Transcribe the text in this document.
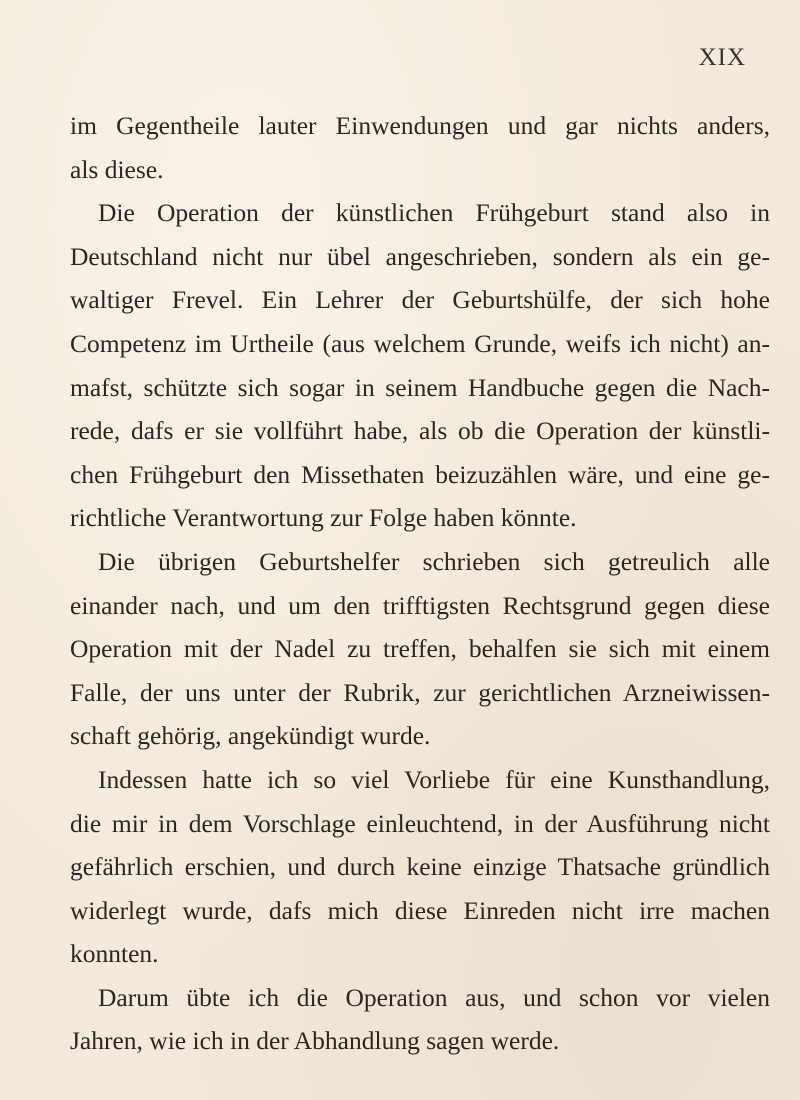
XIX
im Gegentheile lauter Einwendungen und gar nichts anders,
als diese.
Die Operation der künstlichen Frühgeburt stand also in
Deutschland nicht nur übel angeschrieben, sondern als ein ge-
waltiger Frevel. Ein Lehrer der Geburtshülfe, der sich hohe
Competenz im Urtheile (aus welchem Grunde, weifs ich nicht) an-
mafst, schützte sich sogar in seinem Handbuche gegen die Nach-
rede, dafs er sie vollführt habe, als ob die Operation der künstli-
chen Frühgeburt den Missethaten beizuzählen wäre, und eine ge-
richtliche Verantwortung zur Folge haben könnte.
Die übrigen Geburtshelfer schrieben sich getreulich alle
einander nach, und um den trifftigsten Rechtsgrund gegen diese
Operation mit der Nadel zu treffen, behalfen sie sich mit einem
Falle, der uns unter der Rubrik, zur gerichtlichen Arzneiwissen-
schaft gehörig, angekündigt wurde.
Indessen hatte ich so viel Vorliebe für eine Kunsthandlung,
die mir in dem Vorschlage einleuchtend, in der Ausführung nicht
gefährlich erschien, und durch keine einzige Thatsache gründlich
widerlegt wurde, dafs mich diese Einreden nicht irre machen
konnten.
Darum übte ich die Operation aus, und schon vor vielen
Jahren, wie ich in der Abhandlung sagen werde.
